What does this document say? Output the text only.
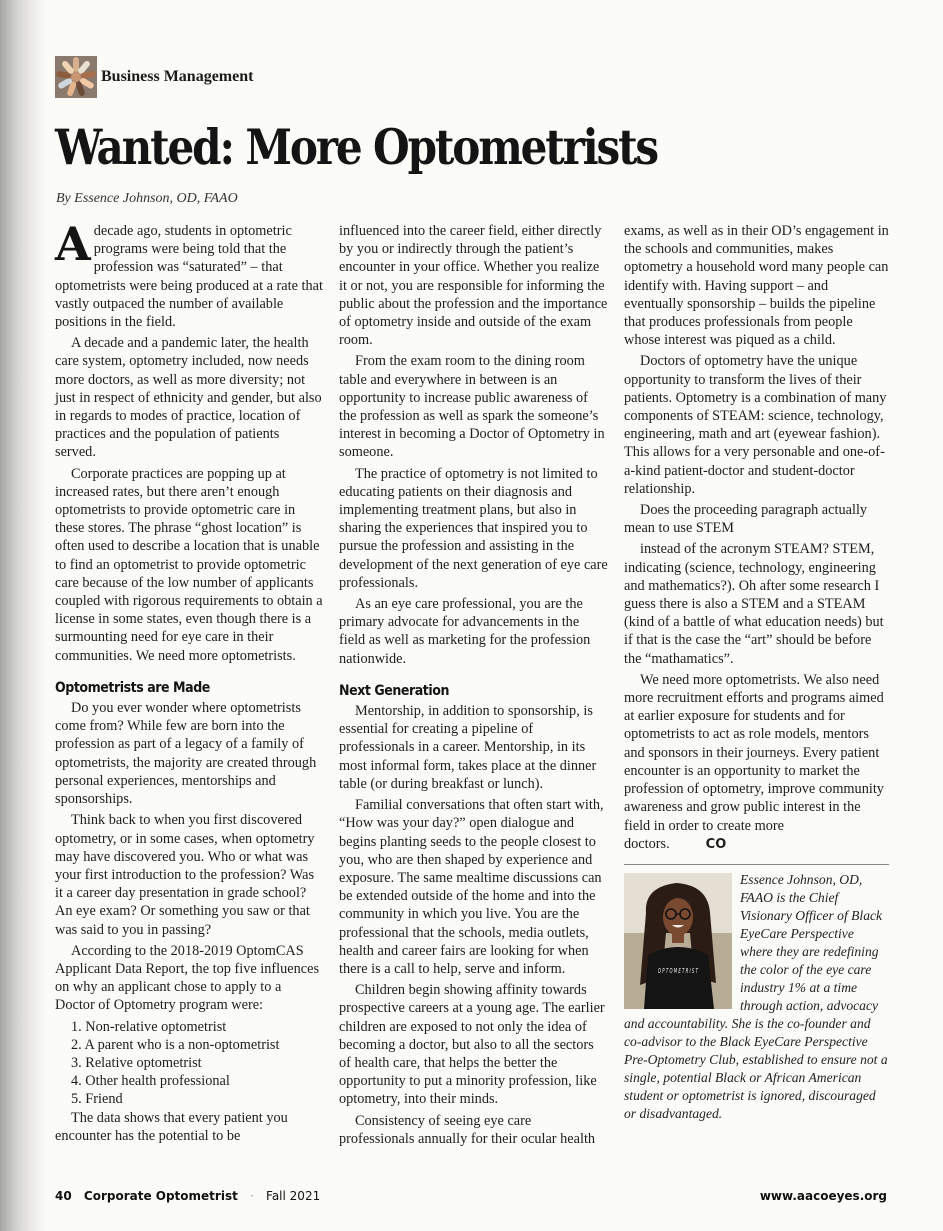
Business Management
Wanted: More Optometrists
By Essence Johnson, OD, FAAO

Adecade ago, students in optometric programs were being told that the profession was “saturated” – that optometrists were being produced at a rate that vastly outpaced the number of available positions in the field.

A decade and a pandemic later, the health care system, optometry included, now needs more doctors, as well as more diversity; not just in respect of ethnicity and gender, but also in regards to modes of practice, location of practices and the population of patients served.

Corporate practices are popping up at increased rates, but there aren’t enough optometrists to provide optometric care in these stores. The phrase “ghost location” is often used to describe a location that is unable to find an optometrist to provide optometric care because of the low number of applicants coupled with rigorous requirements to obtain a license in some states, even though there is a surmounting need for eye care in their communities. We need more optometrists.

Optometrists are Made

Do you ever wonder where optometrists come from? While few are born into the profession as part of a legacy of a family of optometrists, the majority are created through personal experiences, mentorships and sponsorships.

Think back to when you first discovered optometry, or in some cases, when optometry may have discovered you. Who or what was your first introduction to the profession? Was it a career day presentation in grade school? An eye exam? Or something you saw or that was said to you in passing?

According to the 2018-2019 OptomCAS Applicant Data Report, the top five influences on why an applicant chose to apply to a Doctor of Optometry program were:

1. Non-relative optometrist
2. A parent who is a non-optometrist
3. Relative optometrist
4. Other health professional
5. Friend

The data shows that every patient you encounter has the potential to be

influenced into the career field, either directly by you or indirectly through the patient’s encounter in your office. Whether you realize it or not, you are responsible for informing the public about the profession and the importance of optometry inside and outside of the exam room.

From the exam room to the dining room table and everywhere in between is an opportunity to increase public awareness of the profession as well as spark the someone’s interest in becoming a Doctor of Optometry in someone.

The practice of optometry is not limited to educating patients on their diagnosis and implementing treatment plans, but also in sharing the experiences that inspired you to pursue the profession and assisting in the development of the next generation of eye care professionals.

As an eye care professional, you are the primary advocate for advancements in the field as well as marketing for the profession nationwide.

Next Generation

Mentorship, in addition to sponsorship, is essential for creating a pipeline of professionals in a career. Mentorship, in its most informal form, takes place at the dinner table (or during breakfast or lunch).

Familial conversations that often start with, “How was your day?” open dialogue and begins planting seeds to the people closest to you, who are then shaped by experience and exposure. The same mealtime discussions can be extended outside of the home and into the community in which you live. You are the professional that the schools, media outlets, health and career fairs are looking for when there is a call to help, serve and inform.

Children begin showing affinity towards prospective careers at a young age. The earlier children are exposed to not only the idea of becoming a doctor, but also to all the sectors of health care, that helps the better the opportunity to put a minority profession, like optometry, into their minds.

Consistency of seeing eye care professionals annually for their ocular health

exams, as well as in their OD’s engagement in the schools and communities, makes optometry a household word many people can identify with. Having support – and eventually sponsorship – builds the pipeline that produces professionals from people whose interest was piqued as a child.

Doctors of optometry have the unique opportunity to transform the lives of their patients. Optometry is a combination of many components of STEAM: science, technology, engineering, math and art (eyewear fashion). This allows for a very personable and one-of-a-kind patient-doctor and student-doctor relationship.

Does the proceeding paragraph actually mean to use STEM

instead of the acronym STEAM? STEM, indicating (science, technology, engineering and mathematics?). Oh after some research I guess there is also a STEM and a STEAM (kind of a battle of what education needs) but if that is the case the “art” should be before the “mathamatics”.

We need more optometrists. We also need more recruitment efforts and programs aimed at earlier exposure for students and for optometrists to act as role models, mentors and sponsors in their journeys. Every patient encounter is an opportunity to market the profession of optometry, improve community awareness and grow public interest in the field in order to create more doctors.	CO

O P T O M E T R I S T
Essence Johnson, OD, FAAO is the Chief Visionary Officer of Black EyeCare Perspective where they are redefining the color of the eye care industry 1% at a time through action, advocacy and accountability. She is the co-founder and co-advisor to the Black EyeCare Perspective Pre-Optometry Club, established to ensure not a single, potential Black or African American student or optometrist is ignored, discouraged or disadvantaged.
40 Corporate Optometrist · Fall 2021	www.aacoeyes.org
